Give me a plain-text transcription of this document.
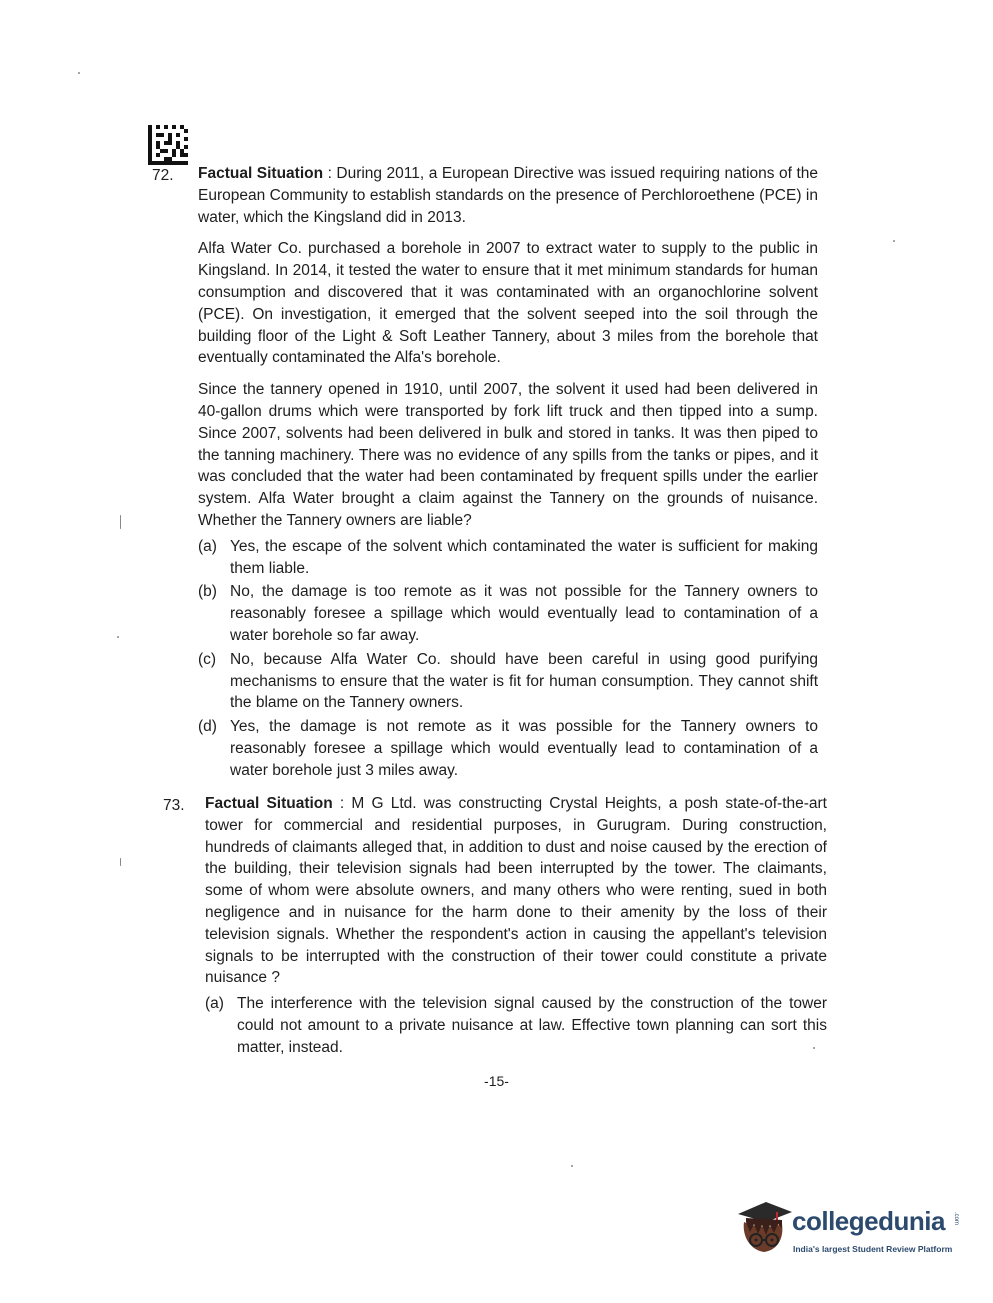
72. Factual Situation : During 2011, a European Directive was issued requiring nations of the European Community to establish standards on the presence of Perchloroethene (PCE) in water, which the Kingsland did in 2013.

Alfa Water Co. purchased a borehole in 2007 to extract water to supply to the public in Kingsland. In 2014, it tested the water to ensure that it met minimum standards for human consumption and discovered that it was contaminated with an organochlorine solvent (PCE). On investigation, it emerged that the solvent seeped into the soil through the building floor of the Light & Soft Leather Tannery, about 3 miles from the borehole that eventually contaminated the Alfa's borehole.

Since the tannery opened in 1910, until 2007, the solvent it used had been delivered in 40-gallon drums which were transported by fork lift truck and then tipped into a sump. Since 2007, solvents had been delivered in bulk and stored in tanks. It was then piped to the tanning machinery. There was no evidence of any spills from the tanks or pipes, and it was concluded that the water had been contaminated by frequent spills under the earlier system. Alfa Water brought a claim against the Tannery on the grounds of nuisance. Whether the Tannery owners are liable?

(a) Yes, the escape of the solvent which contaminated the water is sufficient for making them liable.
(b) No, the damage is too remote as it was not possible for the Tannery owners to reasonably foresee a spillage which would eventually lead to contamination of a water borehole so far away.
(c) No, because Alfa Water Co. should have been careful in using good purifying mechanisms to ensure that the water is fit for human consumption. They cannot shift the blame on the Tannery owners.
(d) Yes, the damage is not remote as it was possible for the Tannery owners to reasonably foresee a spillage which would eventually lead to contamination of a water borehole just 3 miles away.
73. Factual Situation : M G Ltd. was constructing Crystal Heights, a posh state-of-the-art tower for commercial and residential purposes, in Gurugram. During construction, hundreds of claimants alleged that, in addition to dust and noise caused by the erection of the building, their television signals had been interrupted by the tower. The claimants, some of whom were absolute owners, and many others who were renting, sued in both negligence and in nuisance for the harm done to their amenity by the loss of their television signals. Whether the respondent's action in causing the appellant's television signals to be interrupted with the construction of their tower could constitute a private nuisance ?

(a) The interference with the television signal caused by the construction of the tower could not amount to a private nuisance at law. Effective town planning can sort this matter, instead.
-15-
collegedunia .com
India's largest Student Review Platform
